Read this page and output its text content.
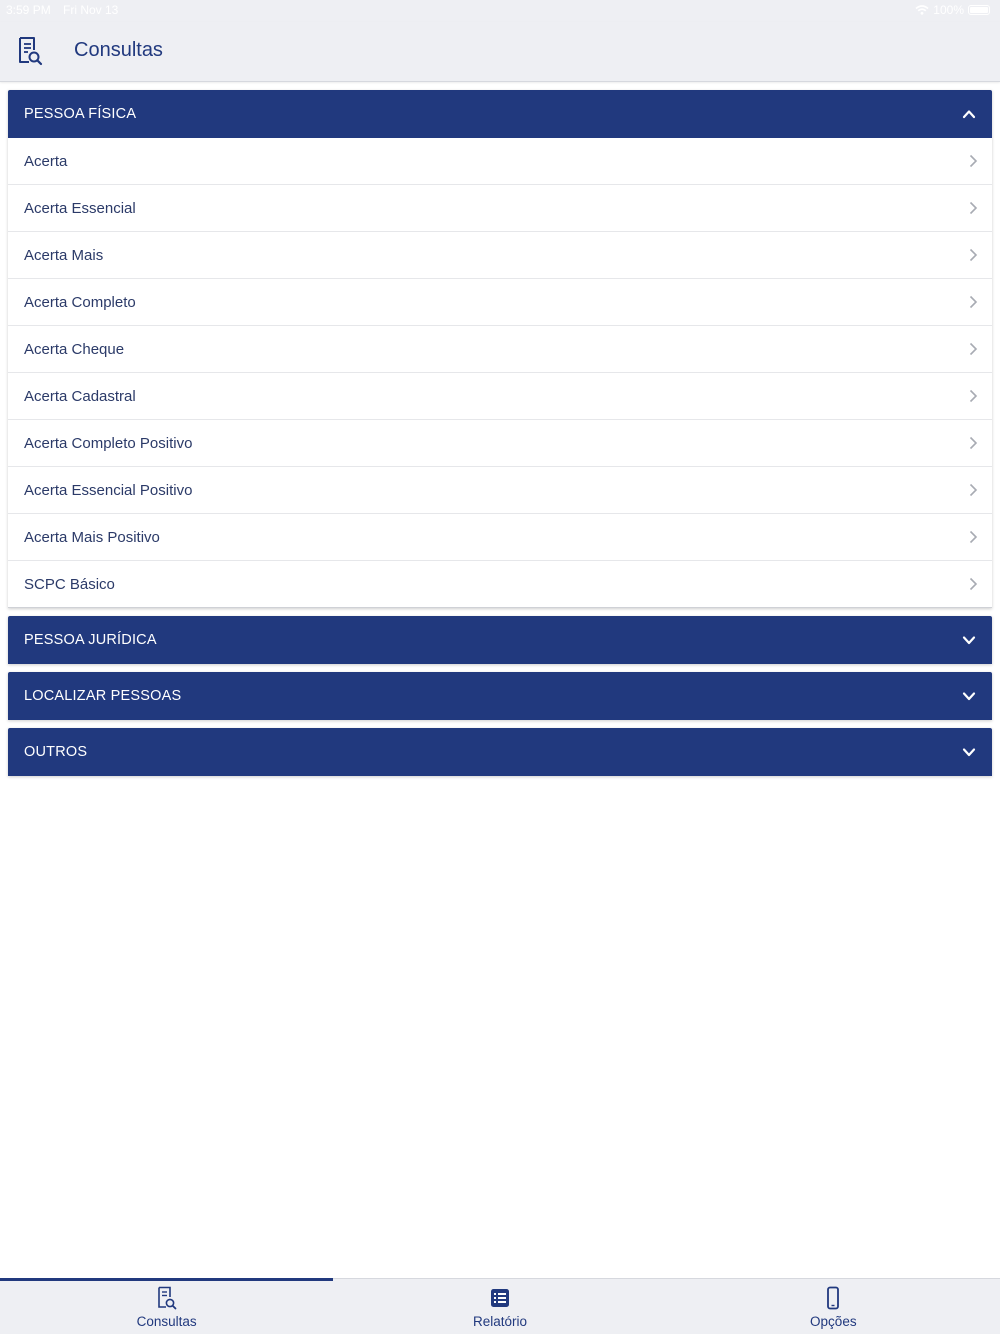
3:59 PM Fri Nov 13	100%
Consultas
PESSOA FÍSICA
Acerta
Acerta Essencial
Acerta Mais
Acerta Completo
Acerta Cheque
Acerta Cadastral
Acerta Completo Positivo
Acerta Essencial Positivo
Acerta Mais Positivo
SCPC Básico
PESSOA JURÍDICA
LOCALIZAR PESSOAS
OUTROS
Consultas	Relatório	Opções
